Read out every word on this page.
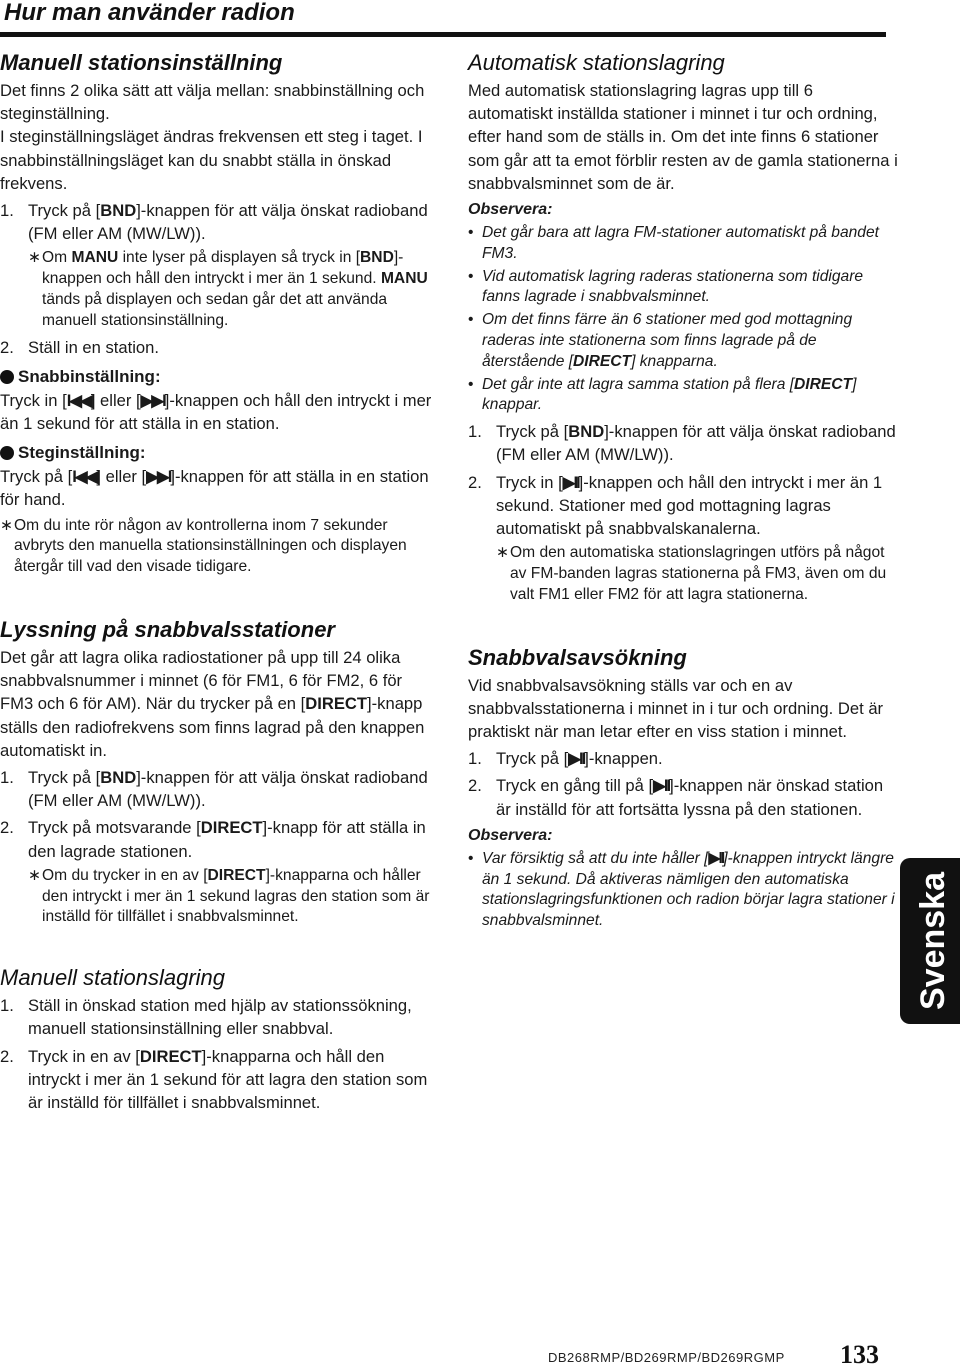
Hur man använder radion
Manuell stationsinställning

Det finns 2 olika sätt att välja mellan: snabbinställning och steginställning.

I steginställningsläget ändras frekvensen ett steg i taget. I snabbinställningsläget kan du snabbt ställa in önskad frekvens.

1. Tryck på [BND]-knappen för att välja önskat radioband (FM eller AM (MW/LW)).
∗ Om MANU inte lyser på displayen så tryck in [BND]-knappen och håll den intryckt i mer än 1 sekund. MANU tänds på displayen och sedan går det att använda manuell stationsinställning.
2. Ställ in en station.
Snabbinställning:

Tryck in [I◀◀] eller [▶▶I]-knappen och håll den intryckt i mer än 1 sekund för att ställa in en station.

Steginställning:

Tryck på [I◀◀] eller [▶▶I]-knappen för att ställa in en station för hand.

∗ Om du inte rör någon av kontrollerna inom 7 sekunder avbryts den manuella stationsinställningen och displayen återgår till vad den visade tidigare.
Lyssning på snabbvalsstationer

Det går att lagra olika radiostationer på upp till 24 olika snabbvalsnummer i minnet (6 för FM1, 6 för FM2, 6 för FM3 och 6 för AM). När du trycker på en [DIRECT]-knapp ställs den radiofrekvens som finns lagrad på den knappen automatiskt in.

1. Tryck på [BND]-knappen för att välja önskat radioband (FM eller AM (MW/LW)).
2. Tryck på motsvarande [DIRECT]-knapp för att ställa in den lagrade stationen.
∗ Om du trycker in en av [DIRECT]-knapparna och håller den intryckt i mer än 1 sekund lagras den station som är inställd för tillfället i snabbvalsminnet.
Manuell stationslagring
1. Ställ in önskad station med hjälp av stationssökning, manuell stationsinställning eller snabbval.
2. Tryck in en av [DIRECT]-knapparna och håll den intryckt i mer än 1 sekund för att lagra den station som är inställd för tillfället i snabbvalsminnet.
Automatisk stationslagring

Med automatisk stationslagring lagras upp till 6 automatiskt inställda stationer i minnet i tur och ordning, efter hand som de ställs in. Om det inte finns 6 stationer som går att ta emot förblir resten av de gamla stationerna i snabbvalsminnet som de är.

Observera:
• Det går bara att lagra FM-stationer automatiskt på bandet FM3.
• Vid automatisk lagring raderas stationerna som tidigare fanns lagrade i snabbvalsminnet.
• Om det finns färre än 6 stationer med god mottagning raderas inte stationerna som finns lagrade på de återstående [DIRECT] knapparna.
• Det går inte att lagra samma station på flera [DIRECT] knappar.
1. Tryck på [BND]-knappen för att välja önskat radioband (FM eller AM (MW/LW)).
2. Tryck in [▶II]-knappen och håll den intryckt i mer än 1 sekund. Stationer med god mottagning lagras automatiskt på snabbvalskanalerna.
∗ Om den automatiska stationslagringen utförs på något av FM-banden lagras stationerna på FM3, även om du valt FM1 eller FM2 för att lagra stationerna.
Snabbvalsavsökning

Vid snabbvalsavsökning ställs var och en av snabbvalsstationerna i minnet in i tur och ordning. Det är praktiskt när man letar efter en viss station i minnet.

1. Tryck på [▶II]-knappen.
2. Tryck en gång till på [▶II]-knappen när önskad station är inställd för att fortsätta lyssna på den stationen.
Observera:
• Var försiktig så att du inte håller [▶II]-knappen intryckt längre än 1 sekund. Då aktiveras nämligen den automatiska stationslagringsfunktionen och radion börjar lagra stationer i snabbvalsminnet.	Svenska
DB268RMP/BD269RMP/BD269RGMP 133
